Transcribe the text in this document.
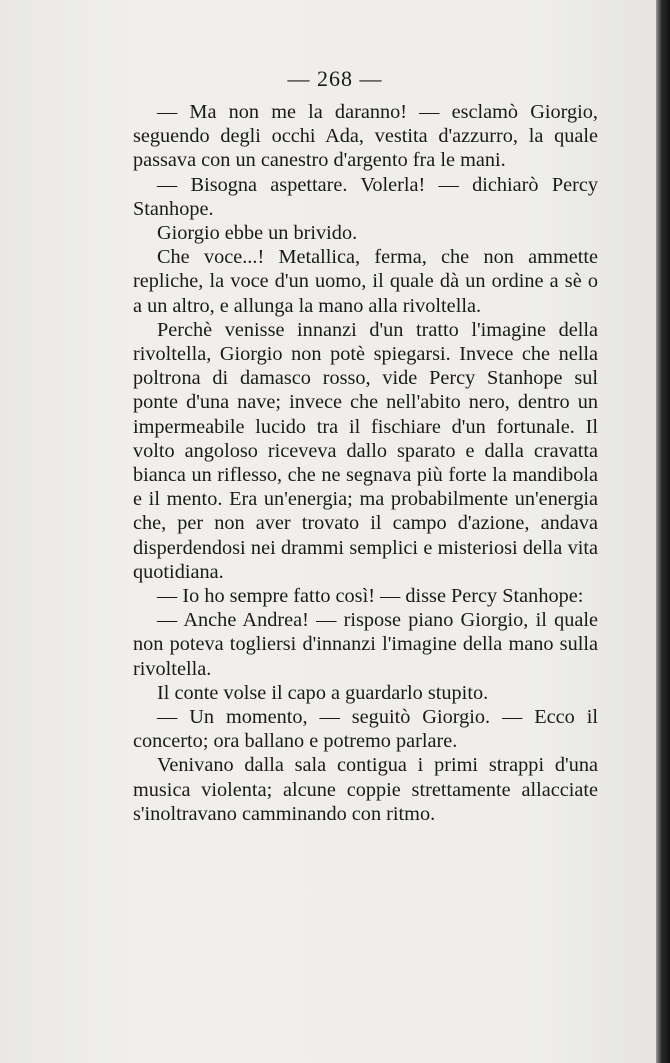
— 268 —

— Ma non me la daranno! — esclamò Giorgio, seguendo degli occhi Ada, vestita d'azzurro, la quale passava con un canestro d'argento fra le mani.

— Bisogna aspettare. Volerla! — dichiarò Percy Stanhope.

Giorgio ebbe un brivido.

Che voce...! Metallica, ferma, che non ammette repliche, la voce d'un uomo, il quale dà un ordine a sè o a un altro, e allunga la mano alla rivoltella.

Perchè venisse innanzi d'un tratto l'imagine della rivoltella, Giorgio non potè spiegarsi. Invece che nella poltrona di damasco rosso, vide Percy Stanhope sul ponte d'una nave; invece che nell'abito nero, dentro un impermeabile lucido tra il fischiare d'un fortunale. Il volto angoloso riceveva dallo sparato e dalla cravatta bianca un riflesso, che ne segnava più forte la mandibola e il mento. Era un'energia; ma probabilmente un'energia che, per non aver trovato il campo d'azione, andava disperdendosi nei drammi semplici e misteriosi della vita quotidiana.

— Io ho sempre fatto così! — disse Percy Stanhope:

— Anche Andrea! — rispose piano Giorgio, il quale non poteva togliersi d'innanzi l'imagine della mano sulla rivoltella.

Il conte volse il capo a guardarlo stupito.

— Un momento, — seguitò Giorgio. — Ecco il concerto; ora ballano e potremo parlare.

Venivano dalla sala contigua i primi strappi d'una musica violenta; alcune coppie strettamente allacciate s'inoltravano camminando con ritmo.
